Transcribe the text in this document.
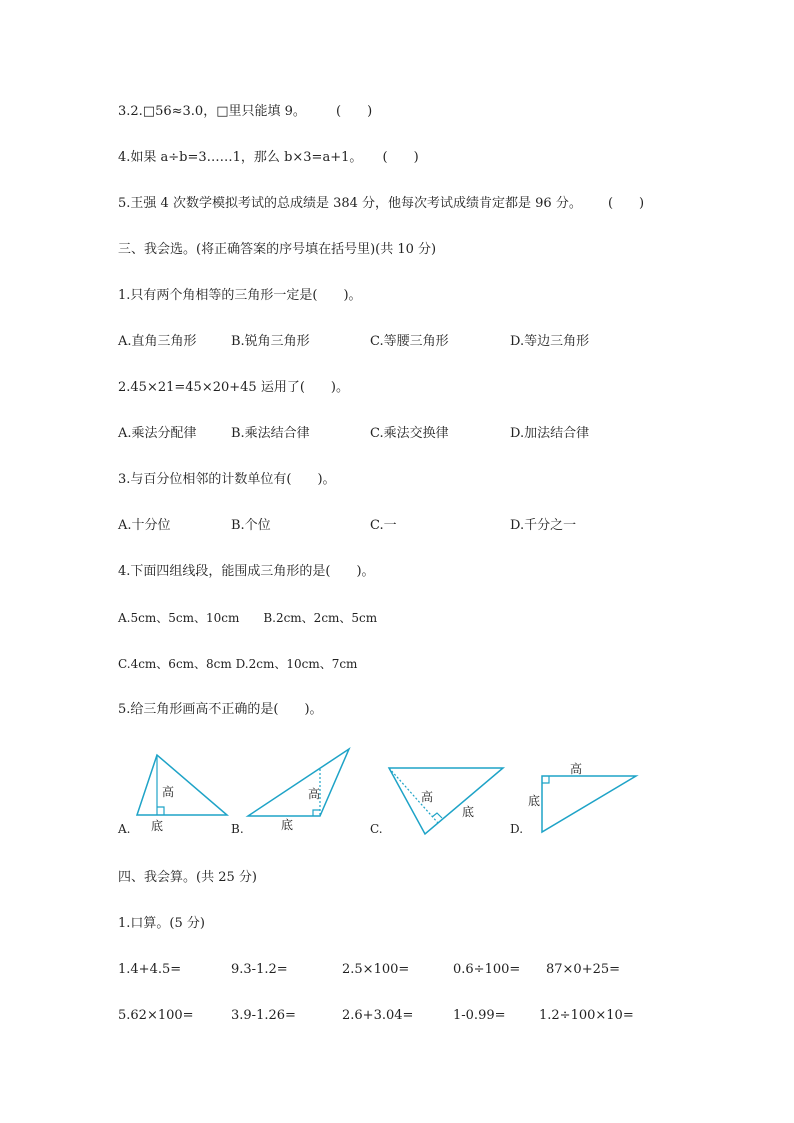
3.2.□56≈3.0，□里只能填 9。 (　　)
4.如果 a÷b=3……1，那么 b×3=a+1。 (　　)
5.王强 4 次数学模拟考试的总成绩是 384 分，他每次考试成绩肯定都是 96 分。 (　　)
三、我会选。(将正确答案的序号填在括号里)(共 10 分)
1.只有两个角相等的三角形一定是(　　)。
A.直角三角形	B.锐角三角形	C.等腰三角形	D.等边三角形
2.45×21=45×20+45 运用了(　　)。
A.乘法分配律	B.乘法结合律	C.乘法交换律	D.加法结合律
3.与百分位相邻的计数单位有(　　)。
A.十分位	B.个位	C.一	D.千分之一
4.下面四组线段，能围成三角形的是(　　)。
A.5cm、5cm、10cm　　B.2cm、2cm、5cm
C.4cm、6cm、8cm D.2cm、10cm、7cm
5.给三角形画高不正确的是(　　)。
A.
高
底	B.
高
底	C.
高
底
D.
高
底
四、我会算。(共 25 分)
1.口算。(5 分)
1.4+4.5=	9.3-1.2=	2.5×100=	0.6÷100= 87×0+25=
5.62×100=	3.9-1.26=	2.6+3.04=	1-0.99=	1.2÷100×10=
